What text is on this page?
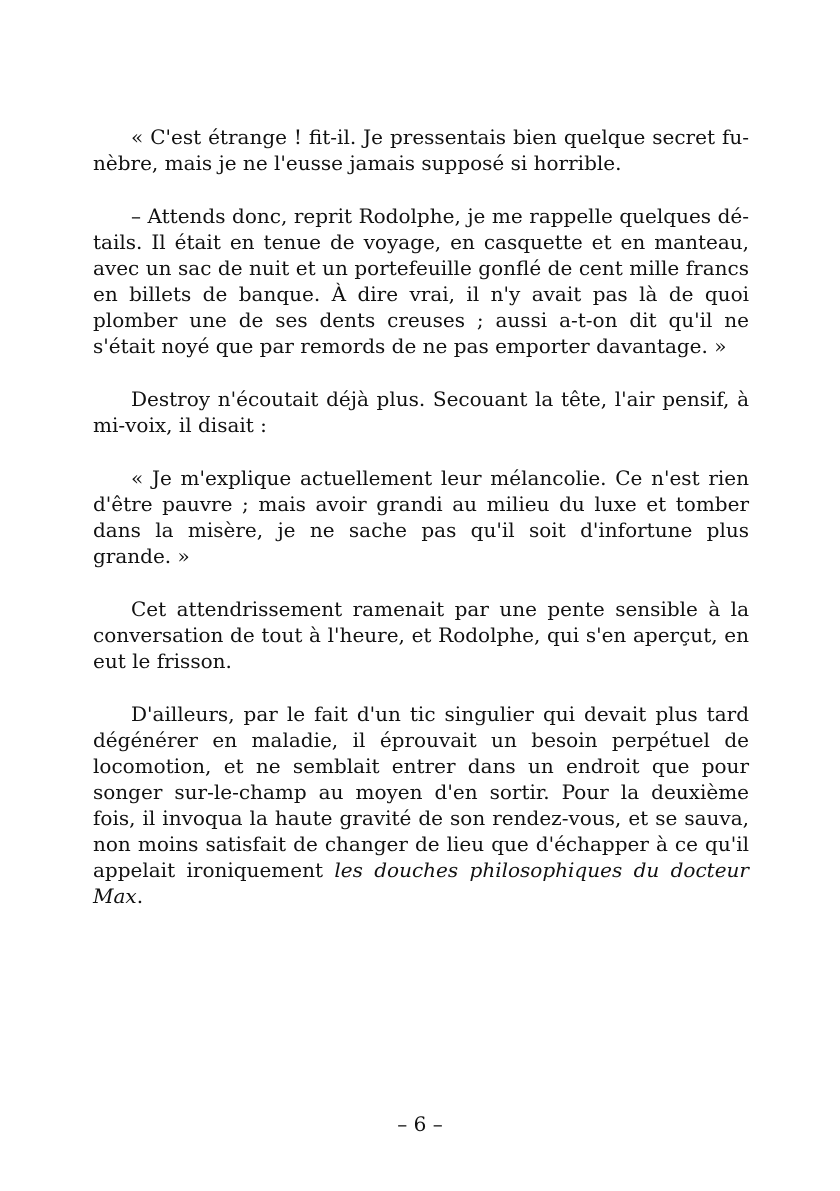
« C'est étrange ! fit-il. Je pressentais bien quelque secret funèbre, mais je ne l'eusse jamais supposé si horrible.

– Attends donc, reprit Rodolphe, je me rappelle quelques détails. Il était en tenue de voyage, en casquette et en manteau, avec un sac de nuit et un portefeuille gonflé de cent mille francs en billets de banque. À dire vrai, il n'y avait pas là de quoi plomber une de ses dents creuses ; aussi a-t-on dit qu'il ne s'était noyé que par remords de ne pas emporter davantage. »

Destroy n'écoutait déjà plus. Secouant la tête, l'air pensif, à mi-voix, il disait :

« Je m'explique actuellement leur mélancolie. Ce n'est rien d'être pauvre ; mais avoir grandi au milieu du luxe et tomber dans la misère, je ne sache pas qu'il soit d'infortune plus grande. »

Cet attendrissement ramenait par une pente sensible à la conversation de tout à l'heure, et Rodolphe, qui s'en aperçut, en eut le frisson.

D'ailleurs, par le fait d'un tic singulier qui devait plus tard dégénérer en maladie, il éprouvait un besoin perpétuel de locomotion, et ne semblait entrer dans un endroit que pour songer sur-le-champ au moyen d'en sortir. Pour la deuxième fois, il invoqua la haute gravité de son rendez-vous, et se sauva, non moins satisfait de changer de lieu que d'échapper à ce qu'il appelait ironiquement les douches philosophiques du docteur Max.

– 6 –
